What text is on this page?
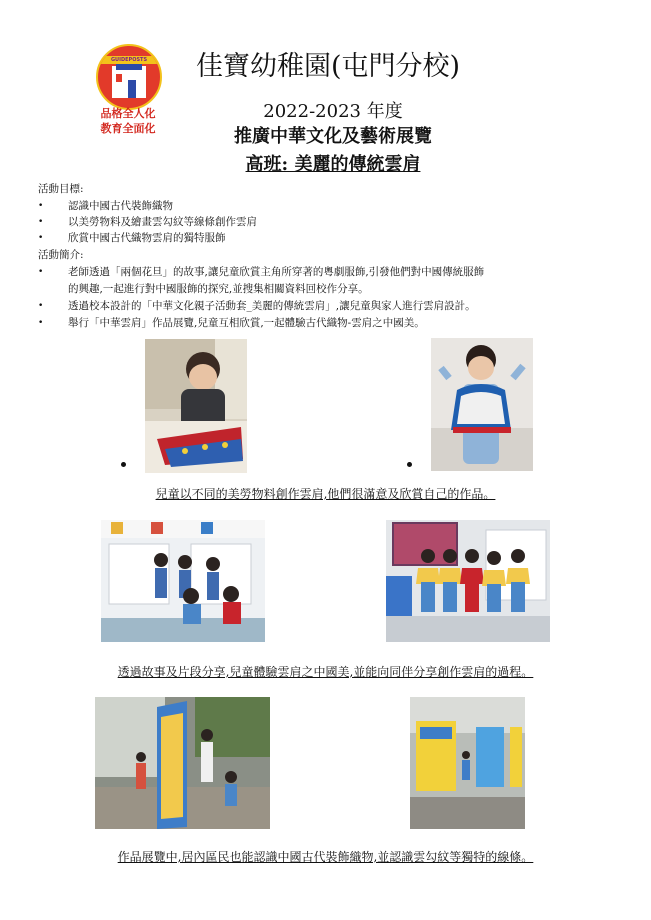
GUIDEPOSTS
品格全人化
教育全面化
佳寶幼稚園(屯門分校)
2022-2023 年度
推廣中華文化及藝術展覽
高班: 美麗的傳統雲肩
活動目標:
•	認識中國古代裝飾織物
•	以美勞物料及繪畫雲勾紋等線條創作雲肩
•	欣賞中國古代織物雲肩的獨特服飾
活動簡介:
•	老師透過「兩個花旦」的故事,讓兒童欣賞主角所穿著的粵劇服飾,引發他們對中國傳統服飾
的興趣,一起進行對中國服飾的探究,並搜集相關資料回校作分享。
•	透過校本設計的「中華文化親子活動套_美麗的傳統雲肩」,讓兒童與家人進行雲肩設計。
•	舉行「中華雲肩」作品展覽,兒童互相欣賞,一起體驗古代織物-雲肩之中國美。
兒童以不同的美勞物料創作雲肩,他們很滿意及欣賞自己的作品。
透過故事及片段分享,兒童體驗雲肩之中國美,並能向同伴分享創作雲肩的過程。
作品展覽中,居內區民也能認識中國古代裝飾織物,並認識雲勾紋等獨特的線條。
